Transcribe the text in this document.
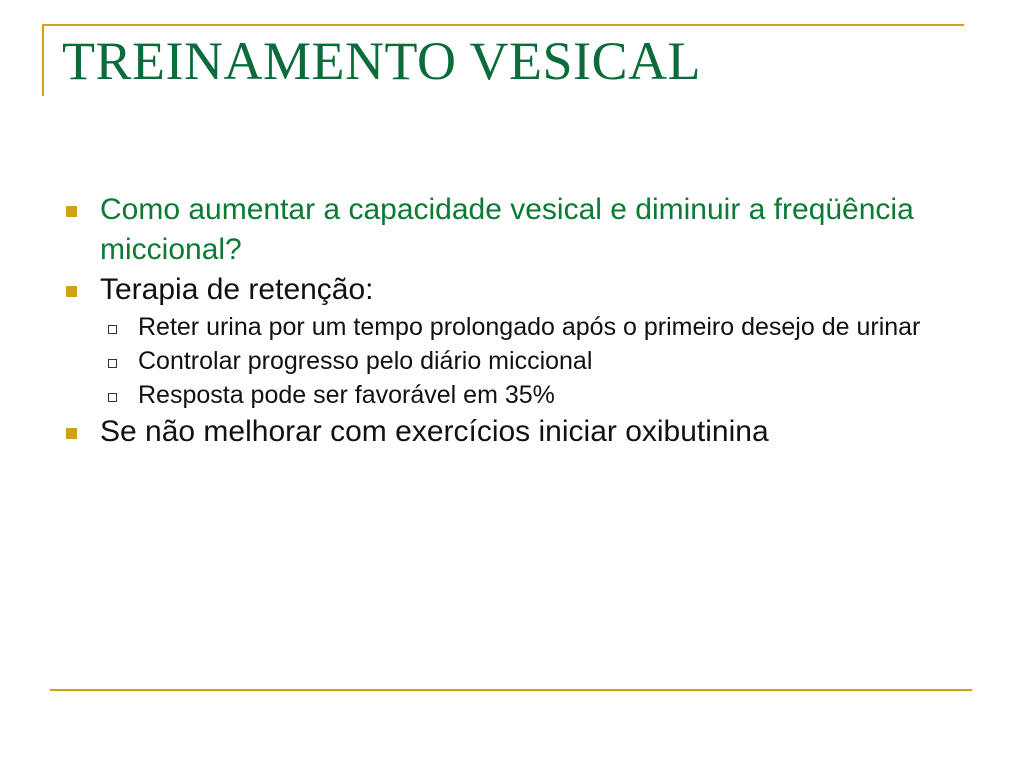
TREINAMENTO VESICAL
Como aumentar a capacidade vesical e diminuir a freqüência miccional?
Terapia de retenção:
Reter urina por um tempo prolongado após o primeiro desejo de urinar
Controlar progresso pelo diário miccional
Resposta pode ser favorável em 35%
Se não melhorar com exercícios iniciar oxibutinina
